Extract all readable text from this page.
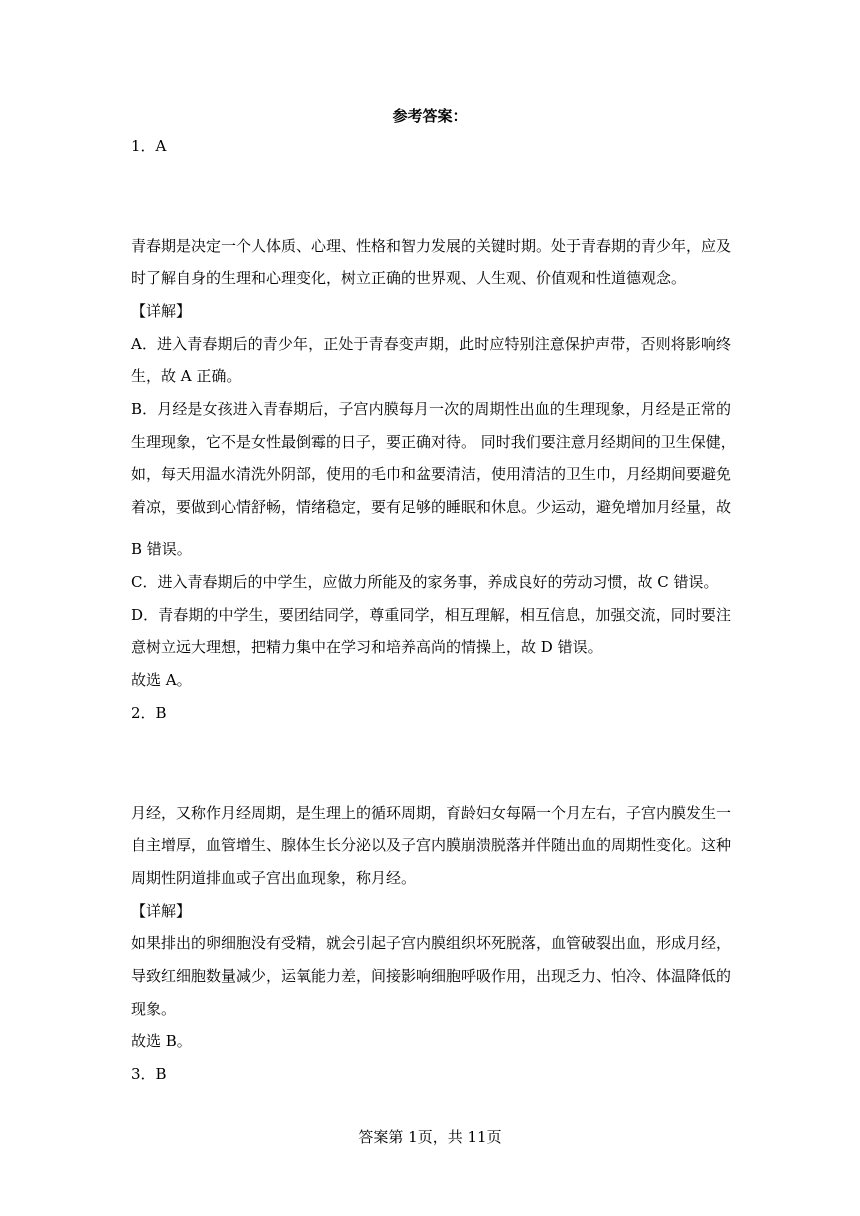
参考答案：
1．A
青春期是决定一个人体质、心理、性格和智力发展的关键时期。处于青春期的青少年，应及
时了解自身的生理和心理变化，树立正确的世界观、人生观、价值观和性道德观念。
【详解】
A．进入青春期后的青少年，正处于青春变声期，此时应特别注意保护声带，否则将影响终
生，故 A 正确。
B．月经是女孩进入青春期后，子宫内膜每月一次的周期性出血的生理现象，月经是正常的
生理现象，它不是女性最倒霉的日子，要正确对待。 同时我们要注意月经期间的卫生保健，
如，每天用温水清洗外阴部，使用的毛巾和盆要清洁，使用清洁的卫生巾，月经期间要避免
着凉，要做到心情舒畅，情绪稳定，要有足够的睡眠和休息。少运动，避免增加月经量，故
B 错误。
C．进入青春期后的中学生，应做力所能及的家务事，养成良好的劳动习惯，故 C 错误。
D．青春期的中学生，要团结同学，尊重同学，相互理解，相互信息，加强交流，同时要注
意树立远大理想，把精力集中在学习和培养高尚的情操上，故 D 错误。
故选 A。
2．B
月经，又称作月经周期，是生理上的循环周期，育龄妇女每隔一个月左右，子宫内膜发生一
自主增厚，血管增生、腺体生长分泌以及子宫内膜崩溃脱落并伴随出血的周期性变化。这种
周期性阴道排血或子宫出血现象，称月经。
【详解】
如果排出的卵细胞没有受精，就会引起子宫内膜组织坏死脱落，血管破裂出血，形成月经，
导致红细胞数量减少，运氧能力差，间接影响细胞呼吸作用，出现乏力、怕冷、体温降低的
现象。
故选 B。
3．B
答案第 1页，共 11页
